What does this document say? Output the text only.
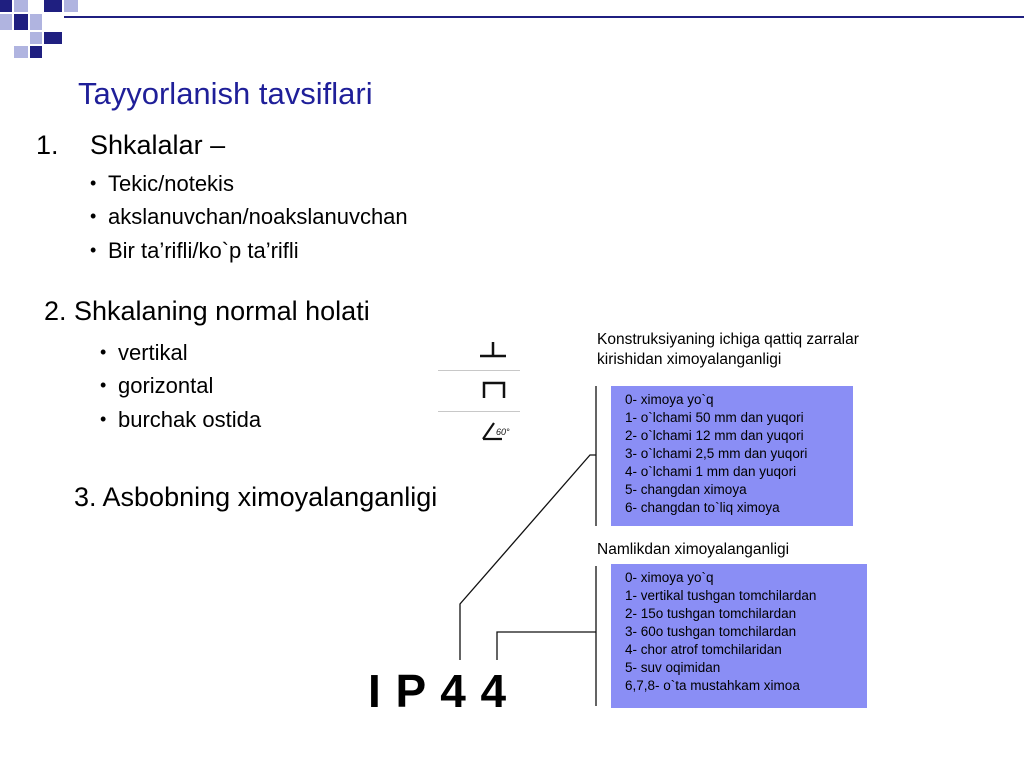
Tayyorlanish tavsiflari
1. Shkalalar –
• Tekic/notekis
• akslanuvchan/noakslanuvchan
• Bir ta’rifli/ko`p ta’rifli
2. Shkalaning normal holati
• vertikal
• gorizontal
• burchak ostida	60°
3. Asbobning ximoyalanganligi
I P 4 4
Konstruksiyaning ichiga qattiq zarralar
kirishidan ximoyalanganligi
Namlikdan ximoyalanganligi
0- ximoya yo`q
1- o`lchami 50 mm dan yuqori
2- o`lchami 12 mm dan yuqori
3- o`lchami 2,5 mm dan yuqori
4- o`lchami 1 mm dan yuqori
5- changdan ximoya
6- changdan to`liq ximoya
0- ximoya yo`q
1- vertikal tushgan tomchilardan
2- 15o tushgan tomchilardan
3- 60o tushgan tomchilardan
4- chor atrof tomchilaridan
5- suv oqimidan
6,7,8- o`ta mustahkam ximoa
